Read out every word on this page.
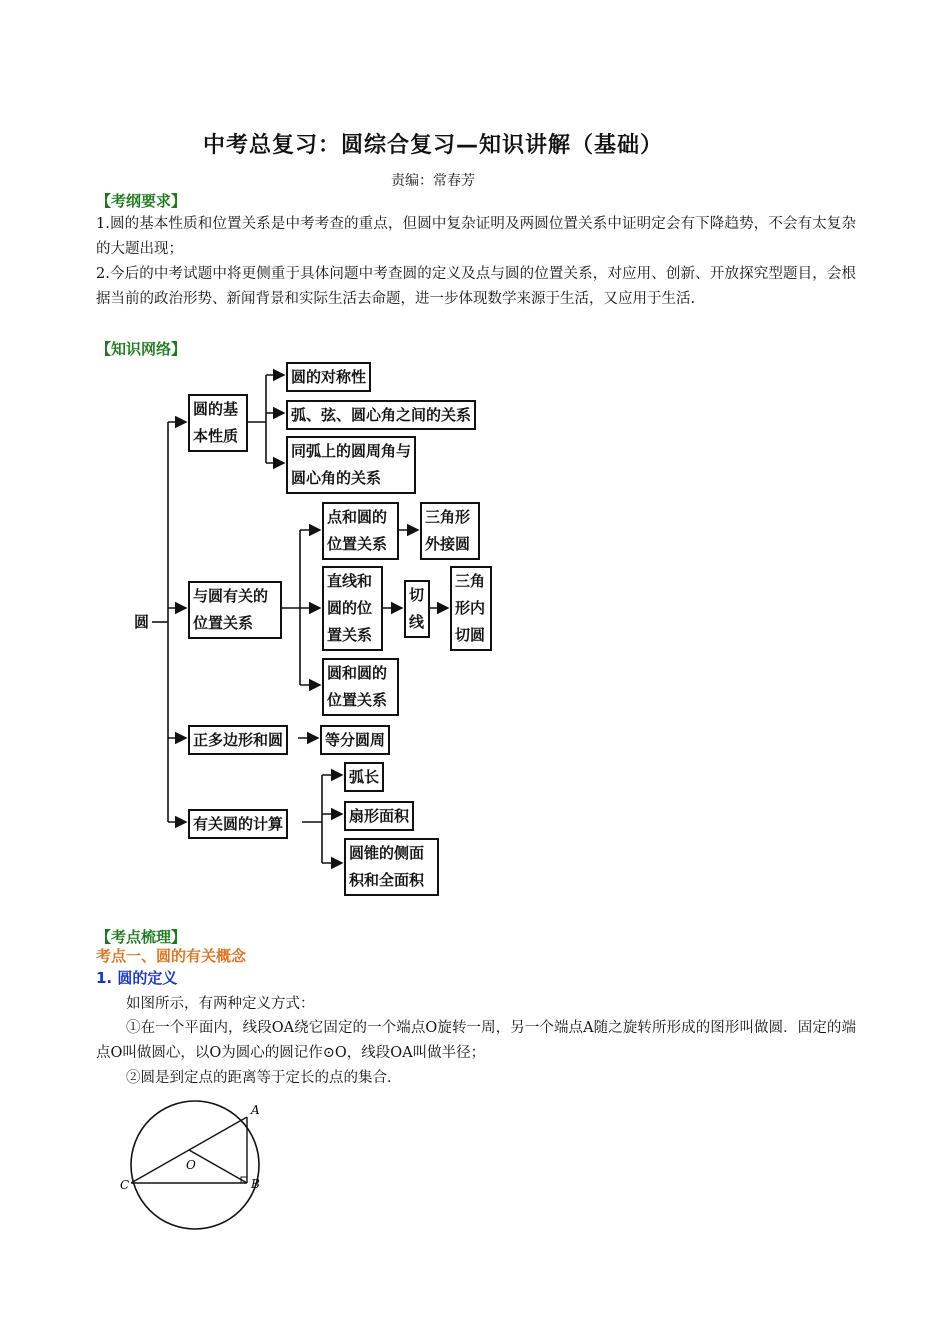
中考总复习：圆综合复习—知识讲解（基础）
责编：常春芳
【考纲要求】
1.圆的基本性质和位置关系是中考考查的重点，但圆中复杂证明及两圆位置关系中证明定会有下降趋势，不会有太复杂的大题出现；
2.今后的中考试题中将更侧重于具体问题中考查圆的定义及点与圆的位置关系，对应用、创新、开放探究型题目，会根据当前的政治形势、新闻背景和实际生活去命题，进一步体现数学来源于生活，又应用于生活.
【知识网络】
圆
圆的基本性质
圆的对称性
弧、弦、圆心角之间的关系
同弧上的圆周角与圆心角的关系
与圆有关的位置关系
点和圆的位置关系
三角形外接圆
直线和圆的位置关系
切线
三角形内切圆
圆和圆的位置关系
正多边形和圆	等分圆周
有关圆的计算
弧长
扇形面积
圆锥的侧面积和全面积
【考点梳理】
考点一、圆的有关概念
1. 圆的定义
如图所示，有两种定义方式：
①在一个平面内，线段OA绕它固定的一个端点O旋转一周，另一个端点A随之旋转所形成的图形叫做圆．固定的端点O叫做圆心，以O为圆心的圆记作⊙O，线段OA叫做半径；
②圆是到定点的距离等于定长的点的集合．
A
B
C
O
